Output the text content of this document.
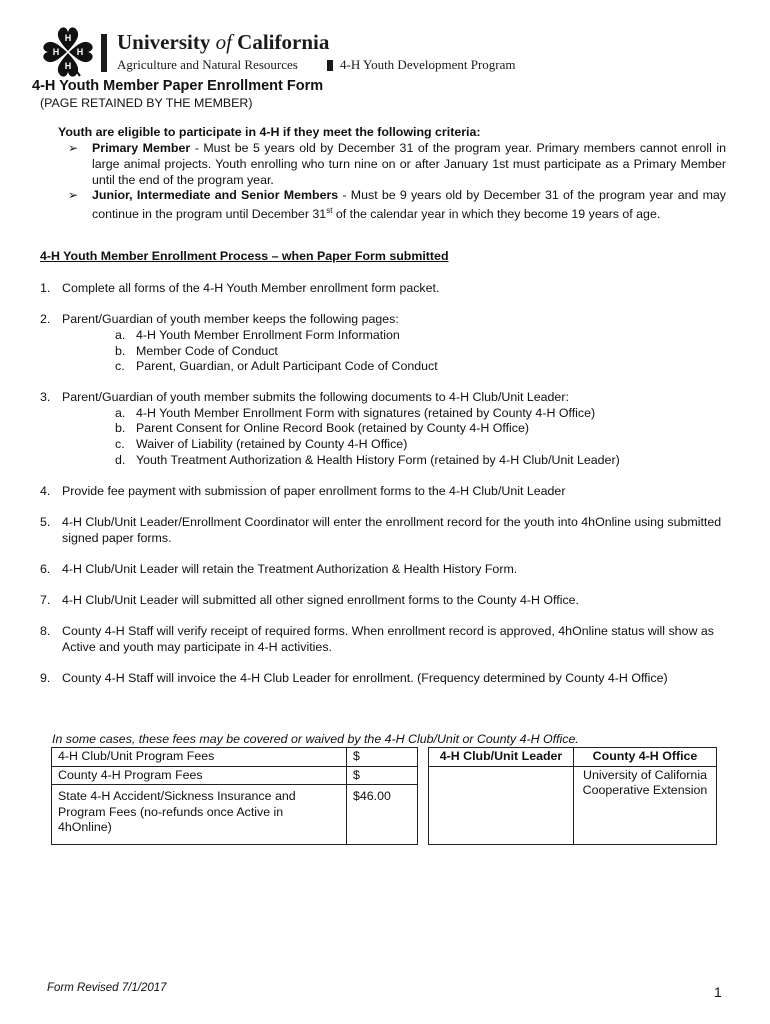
H
H
H
H	University of California
Agriculture and Natural Resources	4-H Youth Development Program
4-H Youth Member Paper Enrollment Form
(PAGE RETAINED BY THE MEMBER)
Youth are eligible to participate in 4-H if they meet the following criteria:
➢ Primary Member - Must be 5 years old by December 31 of the program year. Primary members cannot enroll in large animal projects. Youth enrolling who turn nine on or after January 1st must participate as a Primary Member until the end of the program year.
➢ Junior, Intermediate and Senior Members - Must be 9 years old by December 31 of the program year and may continue in the program until December 31st of the calendar year in which they become 19 years of age.
4-H Youth Member Enrollment Process – when Paper Form submitted
1. Complete all forms of the 4-H Youth Member enrollment form packet.
2. Parent/Guardian of youth member keeps the following pages:
a. 4-H Youth Member Enrollment Form Information
b. Member Code of Conduct
c. Parent, Guardian, or Adult Participant Code of Conduct
3. Parent/Guardian of youth member submits the following documents to 4-H Club/Unit Leader:
a. 4-H Youth Member Enrollment Form with signatures (retained by County 4-H Office)
b. Parent Consent for Online Record Book (retained by County 4-H Office)
c. Waiver of Liability (retained by County 4-H Office)
d. Youth Treatment Authorization & Health History Form (retained by 4-H Club/Unit Leader)
4. Provide fee payment with submission of paper enrollment forms to the 4-H Club/Unit Leader
5. 4-H Club/Unit Leader/Enrollment Coordinator will enter the enrollment record for the youth into 4hOnline using submitted signed paper forms.
6. 4-H Club/Unit Leader will retain the Treatment Authorization & Health History Form.
7. 4-H Club/Unit Leader will submitted all other signed enrollment forms to the County 4-H Office.
8. County 4-H Staff will verify receipt of required forms. When enrollment record is approved, 4hOnline status will show as Active and youth may participate in 4-H activities.
9. County 4-H Staff will invoice the 4-H Club Leader for enrollment. (Frequency determined by County 4-H Office)
In some cases, these fees may be covered or waived by the 4-H Club/Unit or County 4-H Office.
4-H Club/Unit Program Fees	$
County 4-H Program Fees	$
State 4-H Accident/Sickness Insurance and Program Fees (no-refunds once Active in 4hOnline)	$46.00
4-H Club/Unit Leader	County 4-H Office

	University of California
Cooperative Extension
Form Revised 7/1/2017	1
